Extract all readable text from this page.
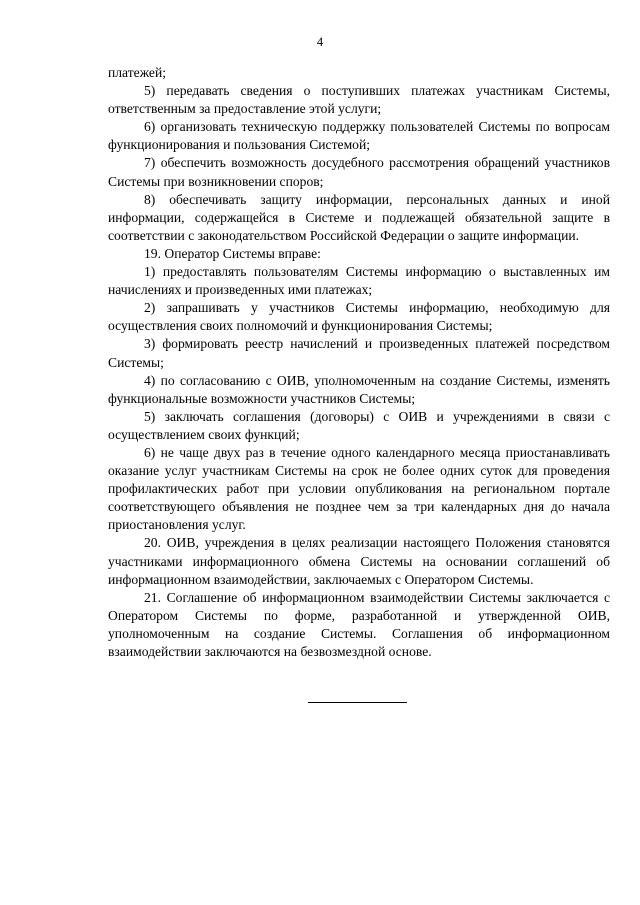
4

платежей;

5) передавать сведения о поступивших платежах участникам Системы, ответственным за предоставление этой услуги;

6) организовать техническую поддержку пользователей Системы по вопросам функционирования и пользования Системой;

7) обеспечить возможность досудебного рассмотрения обращений участников Системы при возникновении споров;

8) обеспечивать защиту информации, персональных данных и иной информации, содержащейся в Системе и подлежащей обязательной защите в соответствии с законодательством Российской Федерации о защите информации.

19. Оператор Системы вправе:

1) предоставлять пользователям Системы информацию о выставленных им начислениях и произведенных ими платежах;

2) запрашивать у участников Системы информацию, необходимую для осуществления своих полномочий и функционирования Системы;

3) формировать реестр начислений и произведенных платежей посредством Системы;

4) по согласованию с ОИВ, уполномоченным на создание Системы, изменять функциональные возможности участников Системы;

5) заключать соглашения (договоры) с ОИВ и учреждениями в связи с осуществлением своих функций;

6) не чаще двух раз в течение одного календарного месяца приостанавливать оказание услуг участникам Системы на срок не более одних суток для проведения профилактических работ при условии опубликования на региональном портале соответствующего объявления не позднее чем за три календарных дня до начала приостановления услуг.

20. ОИВ, учреждения в целях реализации настоящего Положения становятся участниками информационного обмена Системы на основании соглашений об информационном взаимодействии, заключаемых с Оператором Системы.

21. Соглашение об информационном взаимодействии Системы заключается с Оператором Системы по форме, разработанной и утвержденной ОИВ, уполномоченным на создание Системы. Соглашения об информационном взаимодействии заключаются на безвозмездной основе.
